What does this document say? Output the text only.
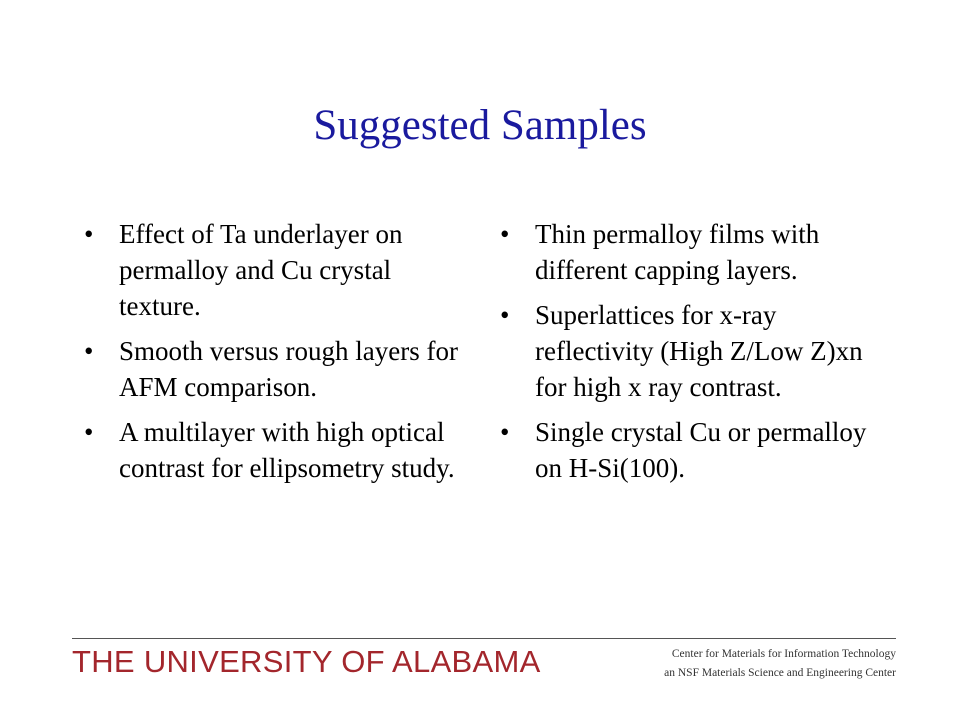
Suggested Samples
• Effect of Ta underlayer on permalloy and Cu crystal texture.
• Smooth versus rough layers for AFM comparison.
• A multilayer with high optical contrast for ellipsometry study.
• Thin permalloy films with different capping layers.
• Superlattices for x-ray reflectivity (High Z/Low Z)xn for high x ray contrast.
• Single crystal Cu or permalloy on H-Si(100).
THE UNIVERSITY OF ALABAMA	Center for Materials for Information Technology
an NSF Materials Science and Engineering Center
